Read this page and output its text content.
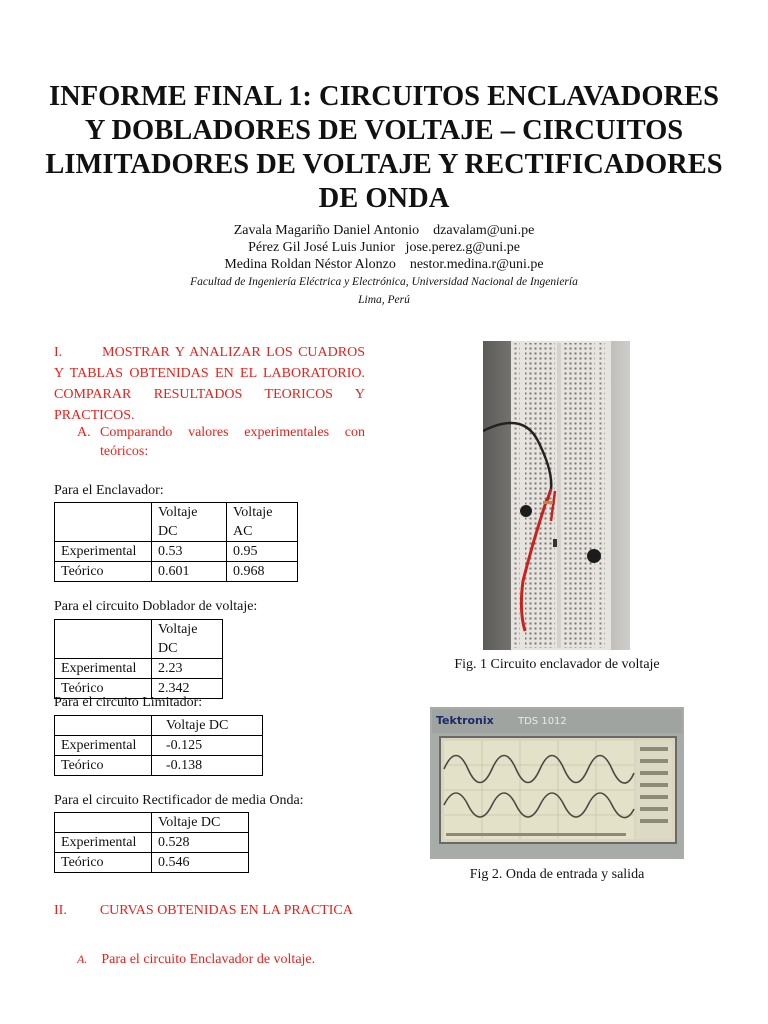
INFORME FINAL 1: CIRCUITOS ENCLAVADORES Y DOBLADORES DE VOLTAJE – CIRCUITOS LIMITADORES DE VOLTAJE Y RECTIFICADORES DE ONDA
Zavala Magariño Daniel Antonio    dzavalam@uni.pe
Pérez Gil José Luis Junior   jose.perez.g@uni.pe
Medina Roldan Néstor Alonzo    nestor.medina.r@uni.pe
Facultad de Ingeniería Eléctrica y Electrónica, Universidad Nacional de Ingeniería
Lima, Perú
I.	MOSTRAR Y ANALIZAR LOS CUADROS Y TABLAS OBTENIDAS EN EL LABORATORIO. COMPARAR RESULTADOS TEORICOS Y PRACTICOS.
A. Comparando valores experimentales con teóricos:
Para el Enclavador:
	Voltaje DC	Voltaje AC
Experimental	0.53	0.95
Teórico	0.601	0.968
Para el circuito Doblador de voltaje:
	Voltaje DC
Experimental	2.23
Teórico	2.342
Para el circuito Limitador:
	Voltaje DC
Experimental	-0.125
Teórico	-0.138
Para el circuito Rectificador de media Onda:
	Voltaje DC
Experimental	0.528
Teórico	0.546
II. CURVAS OBTENIDAS EN LA PRACTICA
A. Para el circuito Enclavador de voltaje.
Fig. 1 Circuito enclavador de voltaje
Tektronix TDS 1012
Fig 2. Onda de entrada y salida
